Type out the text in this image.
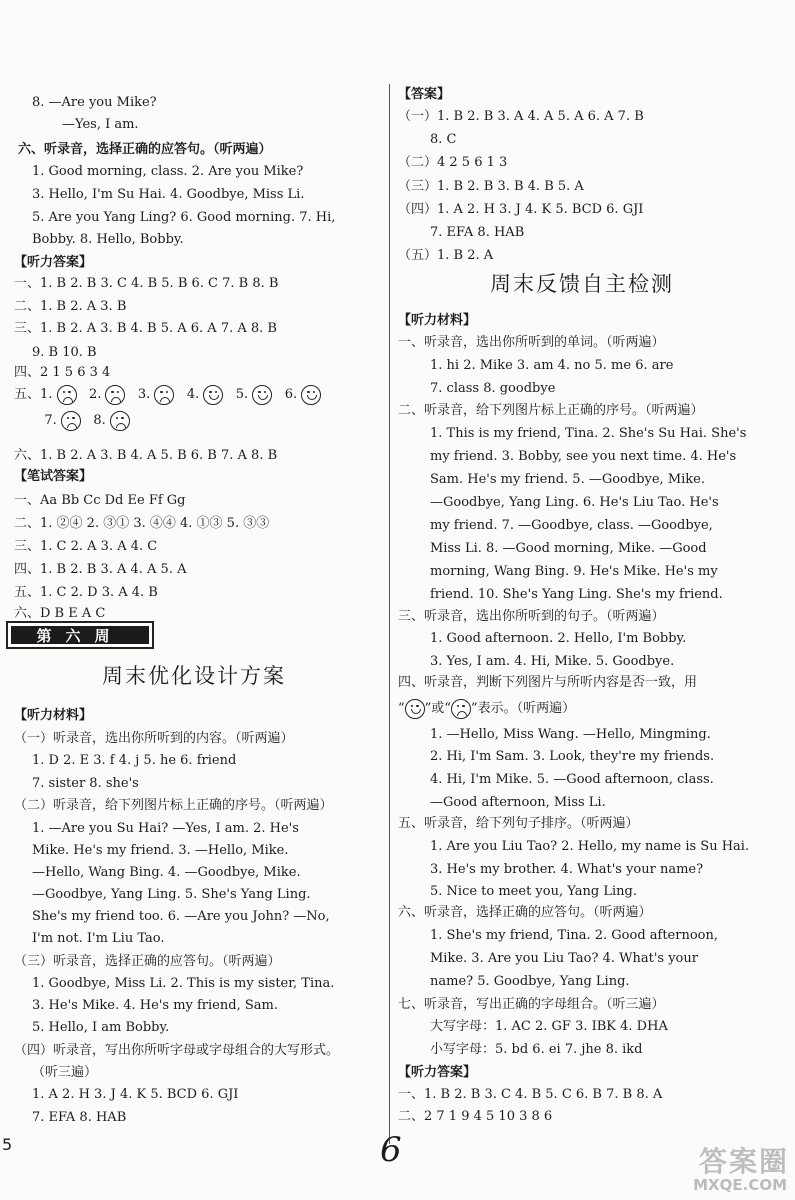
8. —Are you Mike?
—Yes, I am.
六、听录音，选择正确的应答句。（听两遍）
1. Good morning, class. 2. Are you Mike?
3. Hello, I'm Su Hai. 4. Goodbye, Miss Li.
5. Are you Yang Ling? 6. Good morning. 7. Hi,
Bobby. 8. Hello, Bobby.
【听力答案】
一、1. B 2. B 3. C 4. B 5. B 6. C 7. B 8. B
二、1. B 2. A 3. B
三、1. B 2. A 3. B 4. B 5. A 6. A 7. A 8. B
9. B 10. B
四、2 1 5 6 3 4
六、1. B 2. A 3. B 4. A 5. B 6. B 7. A 8. B
【笔试答案】
一、Aa Bb Cc Dd Ee Ff Gg
二、1. ②④ 2. ③① 3. ④④ 4. ①③ 5. ③③
三、1. C 2. A 3. A 4. C
四、1. B 2. B 3. A 4. A 5. A
五、1. C 2. D 3. A 4. B
六、D B E A C
周末优化设计方案
【听力材料】
（一）听录音，选出你所听到的内容。（听两遍）
1. D 2. E 3. f 4. j 5. he 6. friend
7. sister 8. she's
（二）听录音，给下列图片标上正确的序号。（听两遍）
1. —Are you Su Hai? —Yes, I am. 2. He's
Mike. He's my friend. 3. —Hello, Mike.
—Hello, Wang Bing. 4. —Goodbye, Mike.
—Goodbye, Yang Ling. 5. She's Yang Ling.
She's my friend too. 6. —Are you John? —No,
I'm not. I'm Liu Tao.
（三）听录音，选择正确的应答句。（听两遍）
1. Goodbye, Miss Li. 2. This is my sister, Tina.
3. He's Mike. 4. He's my friend, Sam.
5. Hello, I am Bobby.
（四）听录音，写出你所听字母或字母组合的大写形式。
（听三遍）
1. A 2. H 3. J 4. K 5. BCD 6. GJI
7. EFA 8. HAB
五、1.
2.
3.
4.
5.
6.
7.
8.
【答案】
（一）1. B 2. B 3. A 4. A 5. A 6. A 7. B
8. C
（二）4 2 5 6 1 3
（三）1. B 2. B 3. B 4. B 5. A
（四）1. A 2. H 3. J 4. K 5. BCD 6. GJI
7. EFA 8. HAB
（五）1. B 2. A
周末反馈自主检测
【听力材料】
一、听录音，选出你所听到的单词。（听两遍）
1. hi 2. Mike 3. am 4. no 5. me 6. are
7. class 8. goodbye
二、听录音，给下列图片标上正确的序号。（听两遍）
1. This is my friend, Tina. 2. She's Su Hai. She's
my friend. 3. Bobby, see you next time. 4. He's
Sam. He's my friend. 5. —Goodbye, Mike.
—Goodbye, Yang Ling. 6. He's Liu Tao. He's
my friend. 7. —Goodbye, class. —Goodbye,
Miss Li. 8. —Good morning, Mike. —Good
morning, Wang Bing. 9. He's Mike. He's my
friend. 10. She's Yang Ling. She's my friend.
三、听录音，选出你所听到的句子。（听两遍）
1. Good afternoon. 2. Hello, I'm Bobby.
3. Yes, I am. 4. Hi, Mike. 5. Goodbye.
四、听录音，判断下列图片与所听内容是否一致，用
1. —Hello, Miss Wang. —Hello, Mingming.
2. Hi, I'm Sam. 3. Look, they're my friends.
4. Hi, I'm Mike. 5. —Good afternoon, class.
—Good afternoon, Miss Li.
五、听录音，给下列句子排序。（听两遍）
1. Are you Liu Tao? 2. Hello, my name is Su Hai.
3. He's my brother. 4. What's your name?
5. Nice to meet you, Yang Ling.
六、听录音，选择正确的应答句。（听两遍）
1. She's my friend, Tina. 2. Good afternoon,
Mike. 3. Are you Liu Tao? 4. What's your
name? 5. Goodbye, Yang Ling.
七、听录音，写出正确的字母组合。（听三遍）
大写字母：1. AC 2. GF 3. IBK 4. DHA
小写字母：5. bd 6. ei 7. jhe 8. ikd
【听力答案】
一、1. B 2. B 3. C 4. B 5. C 6. B 7. B 8. A
二、2 7 1 9 4 5 10 3 8 6
“ ”或“ ”表示。（听两遍）
第六周
5	6	答案圈
MXQE.COM
